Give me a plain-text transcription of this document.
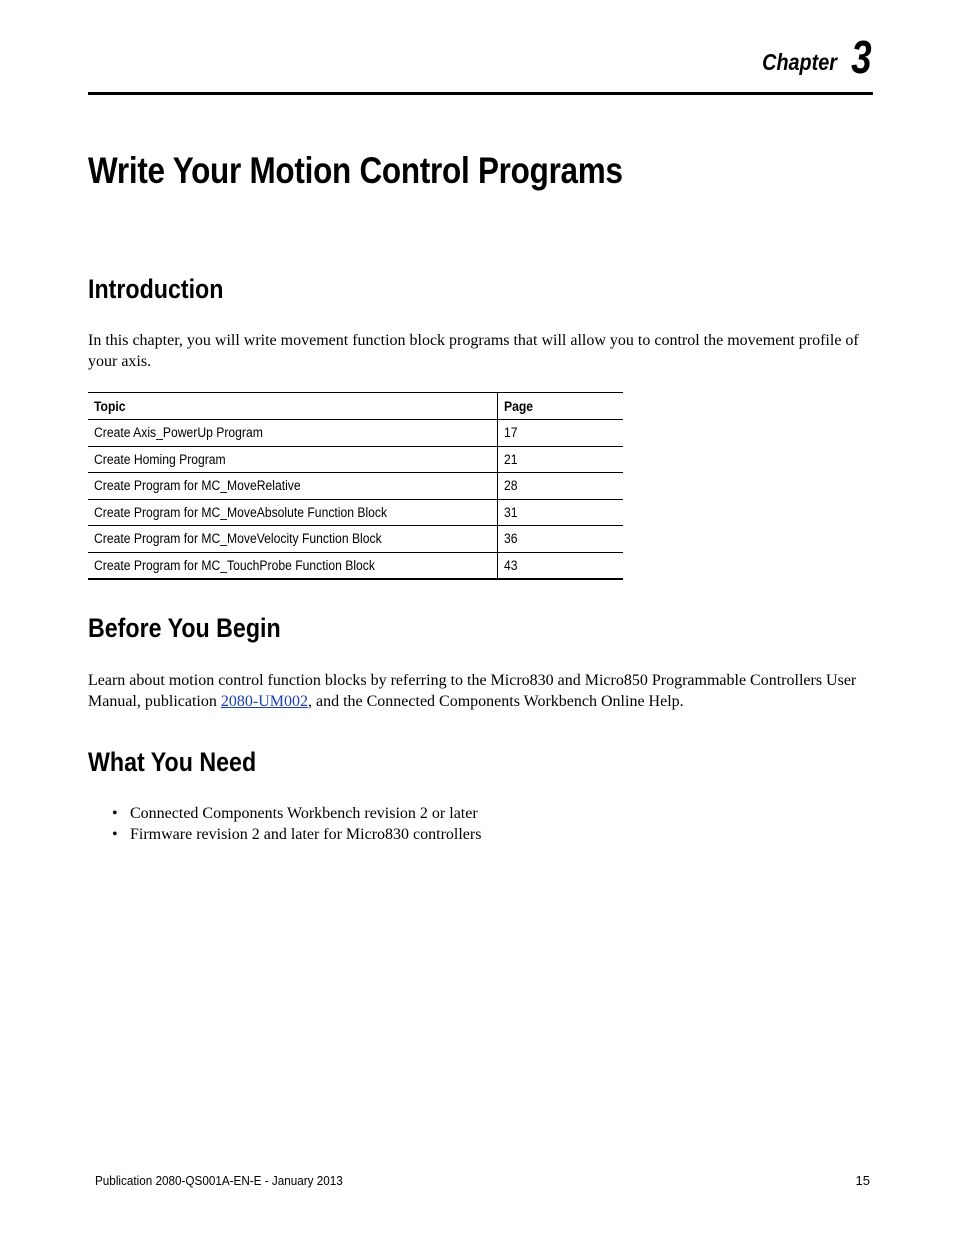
Chapter 3
Write Your Motion Control Programs
Introduction

In this chapter, you will write movement function block programs that will allow you to control the movement profile of your axis.

Topic	Page
Create Axis_PowerUp Program	17
Create Homing Program	21
Create Program for MC_MoveRelative	28
Create Program for MC_MoveAbsolute Function Block	31
Create Program for MC_MoveVelocity Function Block	36
Create Program for MC_TouchProbe Function Block	43
Before You Begin

Learn about motion control function blocks by referring to the Micro830 and Micro850 Programmable Controllers User Manual, publication 2080-UM002, and the Connected Components Workbench Online Help.

What You Need
• Connected Components Workbench revision 2 or later
• Firmware revision 2 and later for Micro830 controllers
Publication 2080-QS001A-EN-E - January 2013	15
